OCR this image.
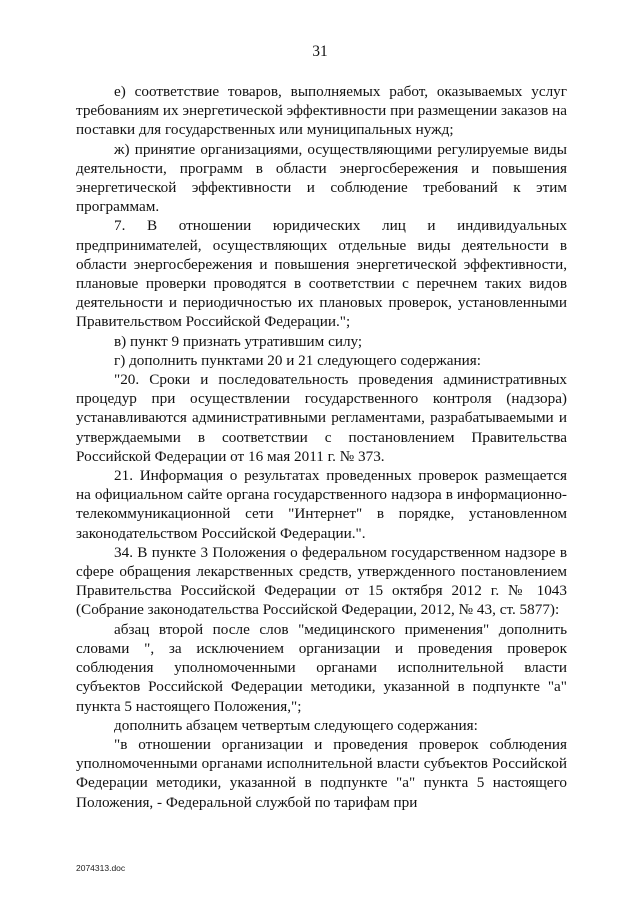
31

е) соответствие товаров, выполняемых работ, оказываемых услуг требованиям их энергетической эффективности при размещении заказов на поставки для государственных или муниципальных нужд;

ж) принятие организациями, осуществляющими регулируемые виды деятельности, программ в области энергосбережения и повышения энергетической эффективности и соблюдение требований к этим программам.

7. В отношении юридических лиц и индивидуальных предпринимателей, осуществляющих отдельные виды деятельности в области энергосбережения и повышения энергетической эффективности, плановые проверки проводятся в соответствии с перечнем таких видов деятельности и периодичностью их плановых проверок, установленными Правительством Российской Федерации.";

в) пункт 9 признать утратившим силу;

г) дополнить пунктами 20 и 21 следующего содержания:

"20. Сроки и последовательность проведения административных процедур при осуществлении государственного контроля (надзора) устанавливаются административными регламентами, разрабатываемыми и утверждаемыми в соответствии с постановлением Правительства Российской Федерации от 16 мая 2011 г. № 373.

21. Информация о результатах проведенных проверок размещается на официальном сайте органа государственного надзора в информационно-телекоммуникационной сети "Интернет" в порядке, установленном законодательством Российской Федерации.".

34. В пункте 3 Положения о федеральном государственном надзоре в сфере обращения лекарственных средств, утвержденного постановлением Правительства Российской Федерации от 15 октября 2012 г. № 1043 (Собрание законодательства Российской Федерации, 2012, № 43, ст. 5877):

абзац второй после слов "медицинского применения" дополнить словами ", за исключением организации и проведения проверок соблюдения уполномоченными органами исполнительной власти субъектов Российской Федерации методики, указанной в подпункте "а" пункта 5 настоящего Положения,";

дополнить абзацем четвертым следующего содержания:

"в отношении организации и проведения проверок соблюдения уполномоченными органами исполнительной власти субъектов Российской Федерации методики, указанной в подпункте "а" пункта 5 настоящего Положения, - Федеральной службой по тарифам при

2074313.doc
